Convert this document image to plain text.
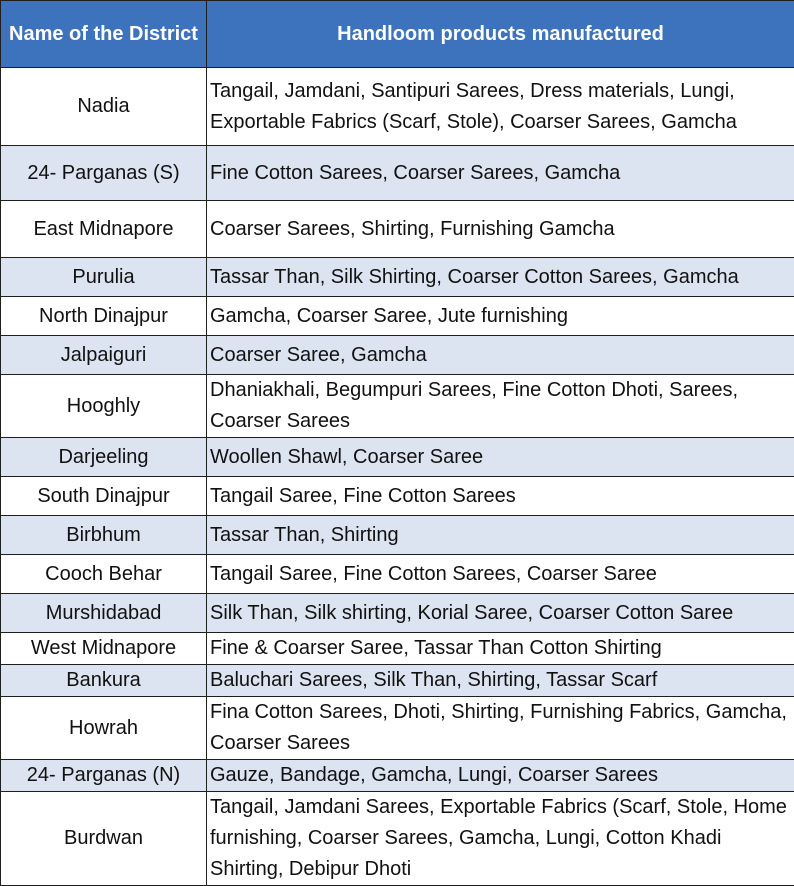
Name of the District	Handloom products manufactured
Nadia	Tangail, Jamdani, Santipuri Sarees, Dress materials, Lungi, Exportable Fabrics (Scarf, Stole), Coarser Sarees, Gamcha
24- Parganas (S)	Fine Cotton Sarees, Coarser Sarees, Gamcha
East Midnapore	Coarser Sarees, Shirting, Furnishing Gamcha
Purulia	Tassar Than, Silk Shirting, Coarser Cotton Sarees, Gamcha
North Dinajpur	Gamcha, Coarser Saree, Jute furnishing
Jalpaiguri	Coarser Saree, Gamcha
Hooghly	Dhaniakhali, Begumpuri Sarees, Fine Cotton Dhoti, Sarees, Coarser Sarees
Darjeeling	Woollen Shawl, Coarser Saree
South Dinajpur	Tangail Saree, Fine Cotton Sarees
Birbhum	Tassar Than, Shirting
Cooch Behar	Tangail Saree, Fine Cotton Sarees, Coarser Saree
Murshidabad	Silk Than, Silk shirting, Korial Saree, Coarser Cotton Saree
West Midnapore	Fine & Coarser Saree, Tassar Than Cotton Shirting
Bankura	Baluchari Sarees, Silk Than, Shirting, Tassar Scarf
Howrah	Fina Cotton Sarees, Dhoti, Shirting, Furnishing Fabrics, Gamcha, Coarser Sarees
24- Parganas (N)	Gauze, Bandage, Gamcha, Lungi, Coarser Sarees
Burdwan	Tangail, Jamdani Sarees, Exportable Fabrics (Scarf, Stole, Home furnishing, Coarser Sarees, Gamcha, Lungi, Cotton Khadi Shirting, Debipur Dhoti
